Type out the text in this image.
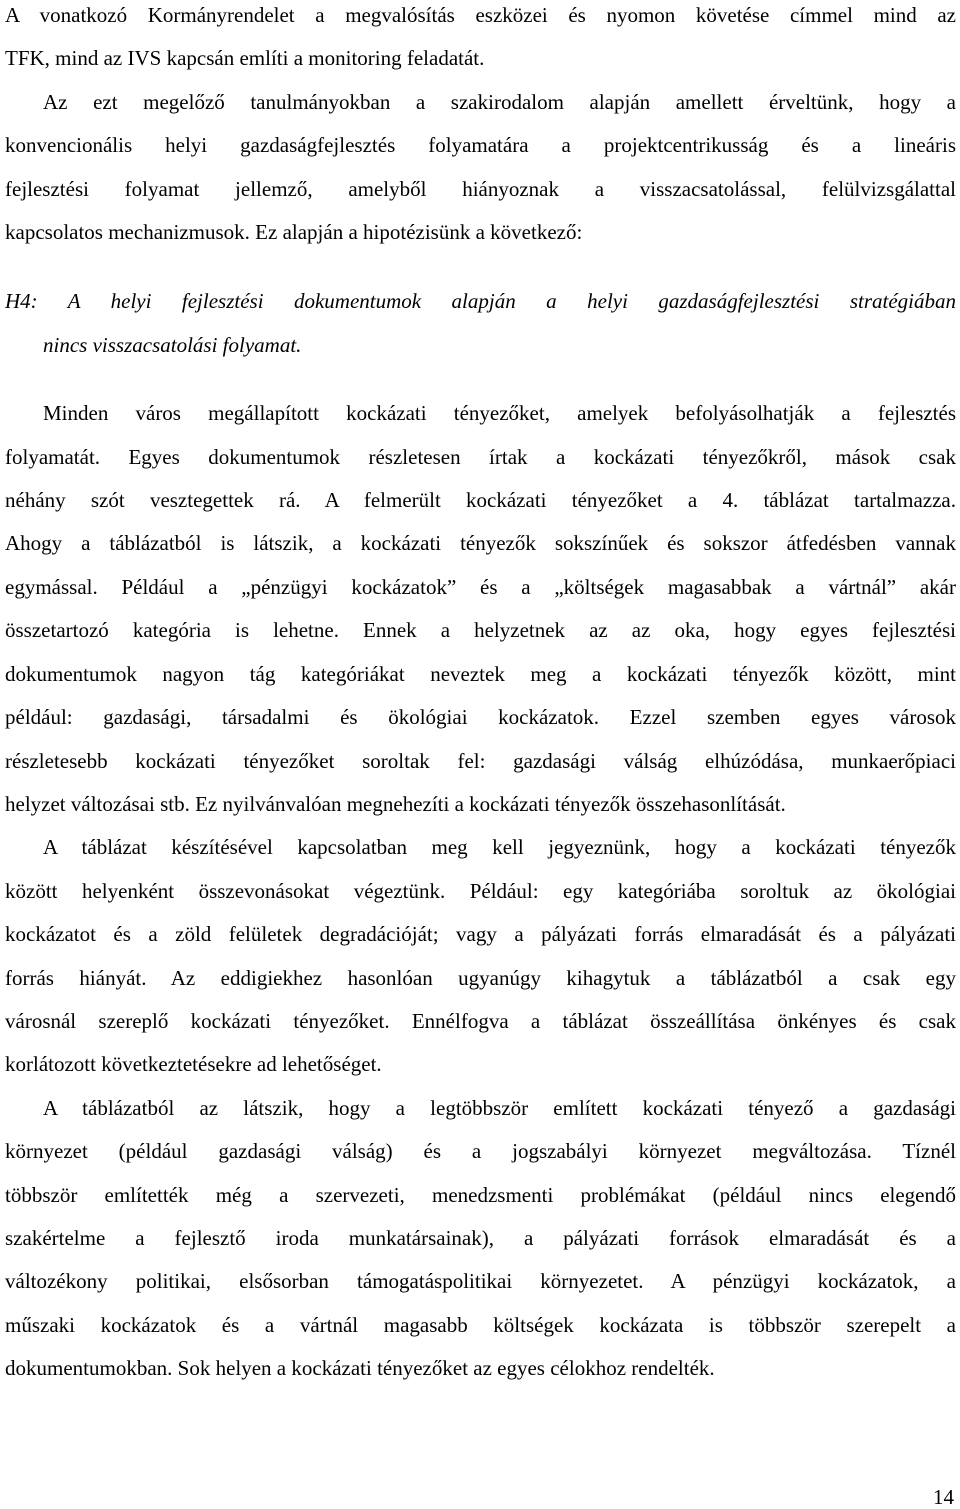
A vonatkozó Kormányrendelet a megvalósítás eszközei és nyomon követése címmel mind az
TFK, mind az IVS kapcsán említi a monitoring feladatát.
Az ezt megelőző tanulmányokban a szakirodalom alapján amellett érveltünk, hogy a
konvencionális helyi gazdaságfejlesztés folyamatára a projektcentrikusság és a lineáris
fejlesztési folyamat jellemző, amelyből hiányoznak a visszacsatolással, felülvizsgálattal
kapcsolatos mechanizmusok. Ez alapján a hipotézisünk a következő:
H4: A helyi fejlesztési dokumentumok alapján a helyi gazdaságfejlesztési stratégiában
nincs visszacsatolási folyamat.
Minden város megállapított kockázati tényezőket, amelyek befolyásolhatják a fejlesztés
folyamatát. Egyes dokumentumok részletesen írtak a kockázati tényezőkről, mások csak
néhány szót vesztegettek rá. A felmerült kockázati tényezőket a 4. táblázat tartalmazza.
Ahogy a táblázatból is látszik, a kockázati tényezők sokszínűek és sokszor átfedésben vannak
egymással. Például a „pénzügyi kockázatok” és a „költségek magasabbak a vártnál” akár
összetartozó kategória is lehetne. Ennek a helyzetnek az az oka, hogy egyes fejlesztési
dokumentumok nagyon tág kategóriákat neveztek meg a kockázati tényezők között, mint
például: gazdasági, társadalmi és ökológiai kockázatok. Ezzel szemben egyes városok
részletesebb kockázati tényezőket soroltak fel: gazdasági válság elhúzódása, munkaerőpiaci
helyzet változásai stb. Ez nyilvánvalóan megnehezíti a kockázati tényezők összehasonlítását.
A táblázat készítésével kapcsolatban meg kell jegyeznünk, hogy a kockázati tényezők
között helyenként összevonásokat végeztünk. Például: egy kategóriába soroltuk az ökológiai
kockázatot és a zöld felületek degradációját; vagy a pályázati forrás elmaradását és a pályázati
forrás hiányát. Az eddigiekhez hasonlóan ugyanúgy kihagytuk a táblázatból a csak egy
városnál szereplő kockázati tényezőket. Ennélfogva a táblázat összeállítása önkényes és csak
korlátozott következtetésekre ad lehetőséget.
A táblázatból az látszik, hogy a legtöbbször említett kockázati tényező a gazdasági
környezet (például gazdasági válság) és a jogszabályi környezet megváltozása. Tíznél
többször említették még a szervezeti, menedzsmenti problémákat (például nincs elegendő
szakértelme a fejlesztő iroda munkatársainak), a pályázati források elmaradását és a
változékony politikai, elsősorban támogatáspolitikai környezetet. A pénzügyi kockázatok, a
műszaki kockázatok és a vártnál magasabb költségek kockázata is többször szerepelt a
dokumentumokban. Sok helyen a kockázati tényezőket az egyes célokhoz rendelték.
14
